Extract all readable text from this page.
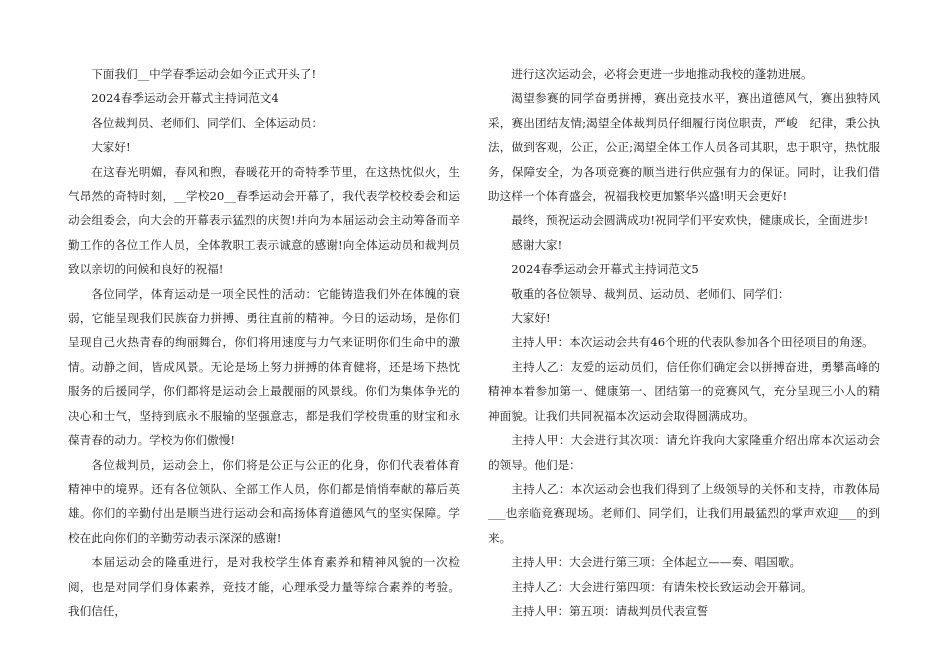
下面我们__中学春季运动会如今正式开头了!

2024春季运动会开幕式主持词范文4

各位裁判员、老师们、同学们、全体运动员：

大家好!

在这春光明媚，春风和煦，春暖花开的奇特季节里，在这热忱似火，生气昂然的奇特时刻，__学校20__春季运动会开幕了，我代表学校校委会和运动会组委会，向大会的开幕表示猛烈的庆贺!并向为本届运动会主动筹备而辛勤工作的各位工作人员，全体教职工表示诚意的感谢!向全体运动员和裁判员致以亲切的问候和良好的祝福!

各位同学，体育运动是一项全民性的活动：它能铸造我们外在体魄的衰弱，它能呈现我们民族奋力拼搏、勇往直前的精神。今日的运动场，是你们呈现自己火热青春的绚丽舞台，你们将用速度与力气来证明你们生命中的激情。动静之间，皆成风景。无论是场上努力拼搏的体育健将，还是场下热忱服务的后援同学，你们都将是运动会上最靓丽的风景线。你们为集体争光的决心和士气，坚持到底永不服输的坚强意志，都是我们学校贵重的财宝和永葆青春的动力。学校为你们傲慢!

各位裁判员，运动会上，你们将是公正与公正的化身，你们代表着体育精神中的境界。还有各位领队、全部工作人员，你们都是悄悄奉献的幕后英雄。你们的辛勤付出是顺当进行运动会和高扬体育道德风气的坚实保障。学校在此向你们的辛勤劳动表示深深的感谢!

本届运动会的隆重进行，是对我校学生体育素养和精神风貌的一次检阅，也是对同学们身体素养，竞技才能，心理承受力量等综合素养的考验。我们信任，

进行这次运动会，必将会更进一步地推动我校的蓬勃进展。

渴望参赛的同学奋勇拼搏，赛出竞技水平，赛出道德风气，赛出独特风采，赛出团结友情;渴望全体裁判员仔细履行岗位职责，严峻　纪律，秉公执法，做到客观，公正，公正;渴望全体工作人员各司其职，忠于职守，热忱服务，保障安全，为各项竞赛的顺当进行供应强有力的保证。同时，让我们借助这样一个体育盛会，祝福我校更加繁华兴盛!明天会更好!

最终，预祝运动会圆满成功!祝同学们平安欢快，健康成长，全面进步!

感谢大家!

2024春季运动会开幕式主持词范文5

敬重的各位领导、裁判员、运动员、老师们、同学们：

大家好!

主持人甲：本次运动会共有46个班的代表队参加各个田径项目的角逐。

主持人乙：友爱的运动员们，信任你们确定会以拼搏奋进，勇攀高峰的精神本着参加第一、健康第一、团结第一的竞赛风气，充分呈现三小人的精神面貌。让我们共同祝福本次运动会取得圆满成功。

主持人甲：大会进行其次项：请允许我向大家隆重介绍出席本次运动会的领导。他们是：

主持人乙：本次运动会也我们得到了上级领导的关怀和支持，市教体局___也亲临竞赛现场。老师们、同学们，让我们用最猛烈的掌声欢迎___的到来。

主持人甲：大会进行第三项：全体起立——奏、唱国歌。

主持人乙：大会进行第四项：有请朱校长致运动会开幕词。

主持人甲：第五项：请裁判员代表宣誓
